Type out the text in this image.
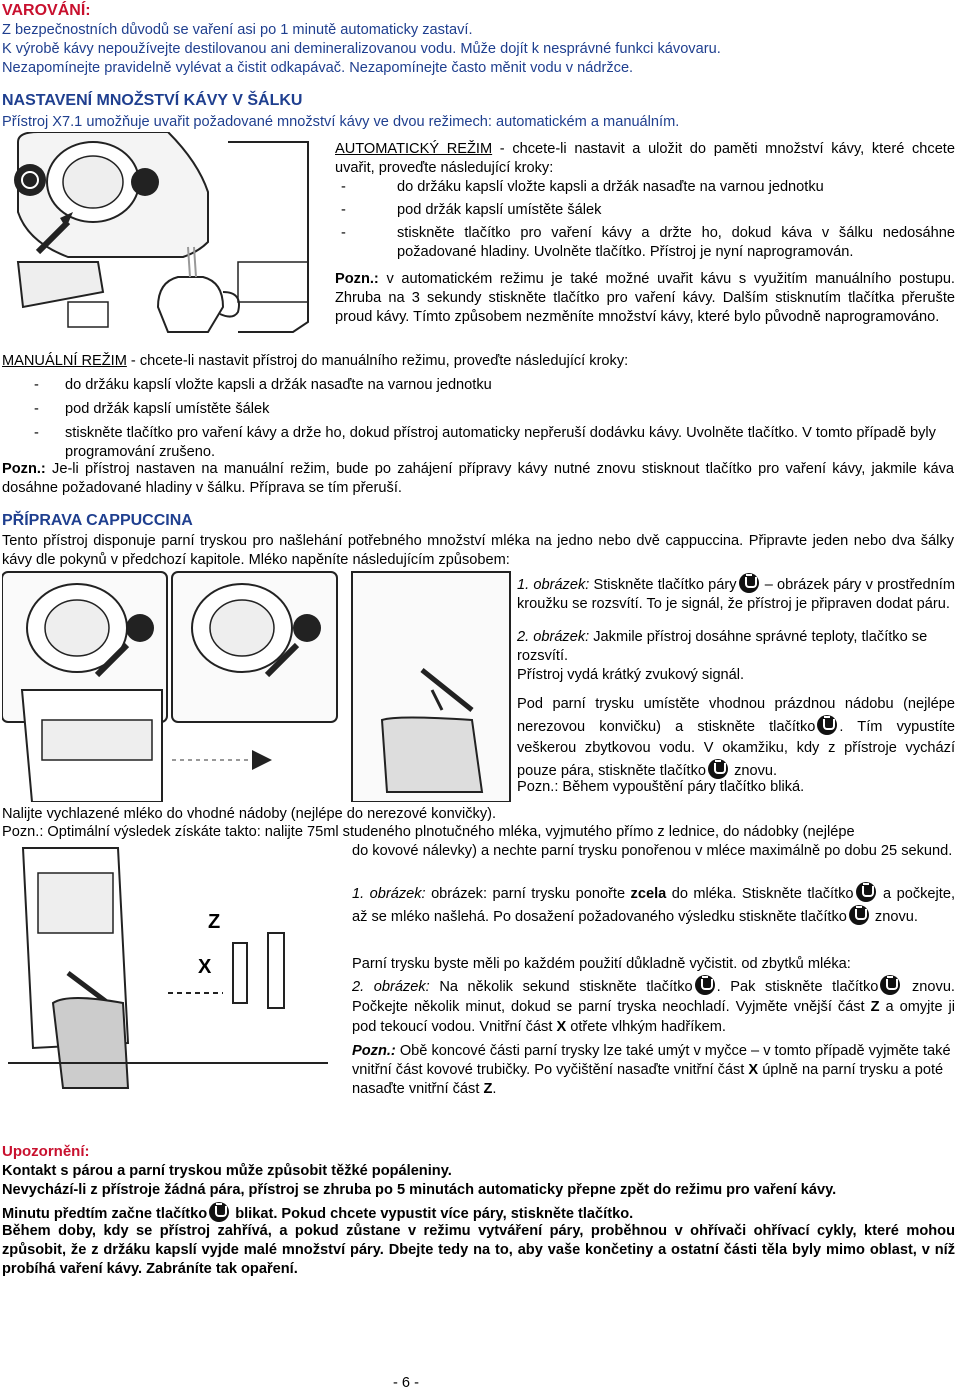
VAROVÁNÍ:
Z bezpečnostních důvodů se vaření asi po 1 minutě automaticky zastaví.
K výrobě kávy nepoužívejte destilovanou ani demineralizovanou vodu. Může dojít k nesprávné funkci kávovaru.
Nezapomínejte pravidelně vylévat a čistit odkapávač. Nezapomínejte často měnit vodu v nádržce.
NASTAVENÍ MNOŽSTVÍ KÁVY V ŠÁLKU
Přístroj X7.1 umožňuje uvařit požadované množství kávy ve dvou režimech: automatickém a manuálním.
AUTOMATICKÝ REŽIM - chcete-li nastavit a uložit do paměti množství kávy, které chcete uvařit, proveďte následující kroky:
-	do držáku kapslí vložte kapsli a držák nasaďte na varnou jednotku
-	pod držák kapslí umístěte šálek
-	stiskněte tlačítko pro vaření kávy a držte ho, dokud káva v šálku nedosáhne požadované hladiny. Uvolněte tlačítko. Přístroj je nyní naprogramován.
Pozn.: v automatickém režimu je také možné uvařit kávu s využitím manuálního postupu. Zhruba na 3 sekundy stiskněte tlačítko pro vaření kávy. Dalším stisknutím tlačítka přerušte proud kávy. Tímto způsobem nezměníte množství kávy, které bylo původně naprogramováno.
MANUÁLNÍ REŽIM - chcete-li nastavit přístroj do manuálního režimu, proveďte následující kroky:
- do držáku kapslí vložte kapsli a držák nasaďte na varnou jednotku
- pod držák kapslí umístěte šálek
- stiskněte tlačítko pro vaření kávy a drže ho, dokud přístroj automaticky nepřeruší dodávku kávy. Uvolněte tlačítko. V tomto případě byly programování zrušeno.
Pozn.: Je-li přístroj nastaven na manuální režim, bude po zahájení přípravy kávy nutné znovu stisknout tlačítko pro vaření kávy, jakmile káva dosáhne požadované hladiny v šálku. Příprava se tím přeruší.
PŘÍPRAVA CAPPUCCINA
Tento přístroj disponuje parní tryskou pro našlehání potřebného množství mléka na jedno nebo dvě cappuccina. Připravte jeden nebo dva šálky kávy dle pokynů v předchozí kapitole. Mléko napěníte následujícím způsobem:
1. obrázek: Stiskněte tlačítko páry – obrázek páry v prostředním kroužku se rozsvítí. To je signál, že přístroj je připraven dodat páru.
2. obrázek: Jakmile přístroj dosáhne správné teploty, tlačítko se rozsvítí.
Přístroj vydá krátký zvukový signál.
Pod parní trysku umístěte vhodnou prázdnou nádobu (nejlépe nerezovou konvičku) a stiskněte tlačítko . Tím vypustíte veškerou zbytkovou vodu. V okamžiku, kdy z přístroje vychází pouze pára, stiskněte tlačítko znovu.
Pozn.: Během vypouštění páry tlačítko bliká.
Nalijte vychlazené mléko do vhodné nádoby (nejlépe do nerezové konvičky).
Pozn.: Optimální výsledek získáte takto: nalijte 75ml studeného plnotučného mléka, vyjmutého přímo z lednice, do nádobky (nejlépe
do kovové nálevky) a nechte parní trysku ponořenou v mléce maximálně po dobu 25 sekund.
X
Z
1. obrázek: obrázek: parní trysku ponořte zcela do mléka. Stiskněte tlačítko a počkejte, až se mléko našlehá. Po dosažení požadovaného výsledku stiskněte tlačítko znovu.
Parní trysku byste měli po každém použití důkladně vyčistit. od zbytků mléka:
2. obrázek: Na několik sekund stiskněte tlačítko . Pak stiskněte tlačítko znovu. Počkejte několik minut, dokud se parní tryska neochladí. Vyjměte vnější část Z a omyjte ji pod tekoucí vodou. Vnitřní část X otřete vlhkým hadříkem.
Pozn.: Obě koncové části parní trysky lze také umýt v myčce – v tomto případě vyjměte také vnitřní část kovové trubičky. Po vyčištění nasaďte vnitřní část X úplně na parní trysku a poté nasaďte vnitřní část Z.
Upozornění:
Kontakt s párou a parní tryskou může způsobit těžké popáleniny.
Nevychází-li z přístroje žádná pára, přístroj se zhruba po 5 minutách automaticky přepne zpět do režimu pro vaření kávy.
Minutu předtím začne tlačítko blikat. Pokud chcete vypustit více páry, stiskněte tlačítko.
Během doby, kdy se přístroj zahřívá, a pokud zůstane v režimu vytváření páry, proběhnou v ohřívači ohřívací cykly, které mohou způsobit, že z držáku kapslí vyjde malé množství páry. Dbejte tedy na to, aby vaše končetiny a ostatní části těla byly mimo oblast, v níž probíhá vaření kávy. Zabráníte tak opaření.
- 6 -
